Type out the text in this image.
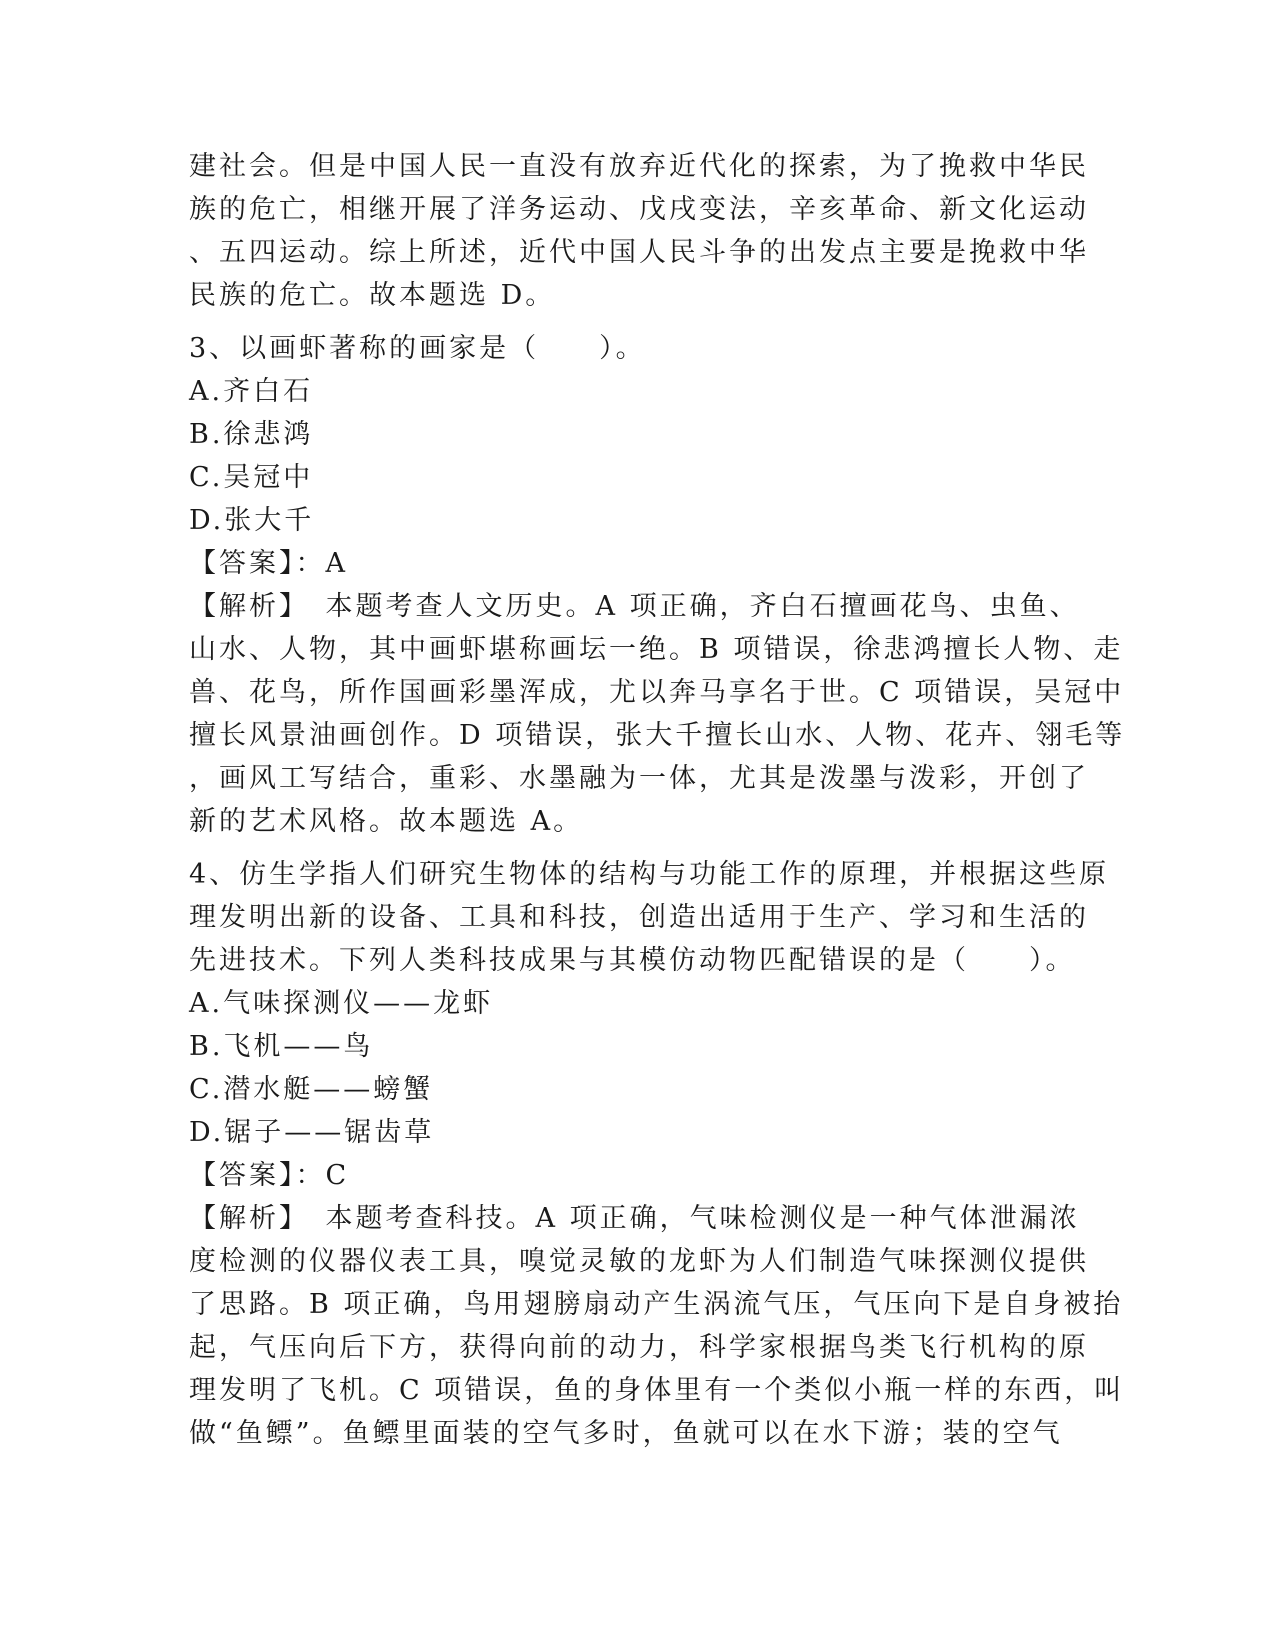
建社会。但是中国人民一直没有放弃近代化的探索，为了挽救中华民
族的危亡，相继开展了洋务运动、戊戌变法，辛亥革命、新文化运动
、五四运动。综上所述，近代中国人民斗争的出发点主要是挽救中华
民族的危亡。故本题选 D。
3、以画虾著称的画家是（　　）。
A.齐白石
B.徐悲鸿
C.吴冠中
D.张大千
【答案】：A
【解析】　本题考查人文历史。A 项正确，齐白石擅画花鸟、虫鱼、
山水、人物，其中画虾堪称画坛一绝。B 项错误，徐悲鸿擅长人物、走
兽、花鸟，所作国画彩墨浑成，尤以奔马享名于世。C 项错误，吴冠中
擅长风景油画创作。D 项错误，张大千擅长山水、人物、花卉、翎毛等
，画风工写结合，重彩、水墨融为一体，尤其是泼墨与泼彩，开创了
新的艺术风格。故本题选 A。
4、仿生学指人们研究生物体的结构与功能工作的原理，并根据这些原
理发明出新的设备、工具和科技，创造出适用于生产、学习和生活的
先进技术。下列人类科技成果与其模仿动物匹配错误的是（　　）。
A.气味探测仪——龙虾
B.飞机——鸟
C.潜水艇——螃蟹
D.锯子——锯齿草
【答案】：C
【解析】　本题考查科技。A 项正确，气味检测仪是一种气体泄漏浓
度检测的仪器仪表工具，嗅觉灵敏的龙虾为人们制造气味探测仪提供
了思路。B 项正确，鸟用翅膀扇动产生涡流气压，气压向下是自身被抬
起，气压向后下方，获得向前的动力，科学家根据鸟类飞行机构的原
理发明了飞机。C 项错误，鱼的身体里有一个类似小瓶一样的东西，叫
做“鱼鳔”。鱼鳔里面装的空气多时，鱼就可以在水下游；装的空气
